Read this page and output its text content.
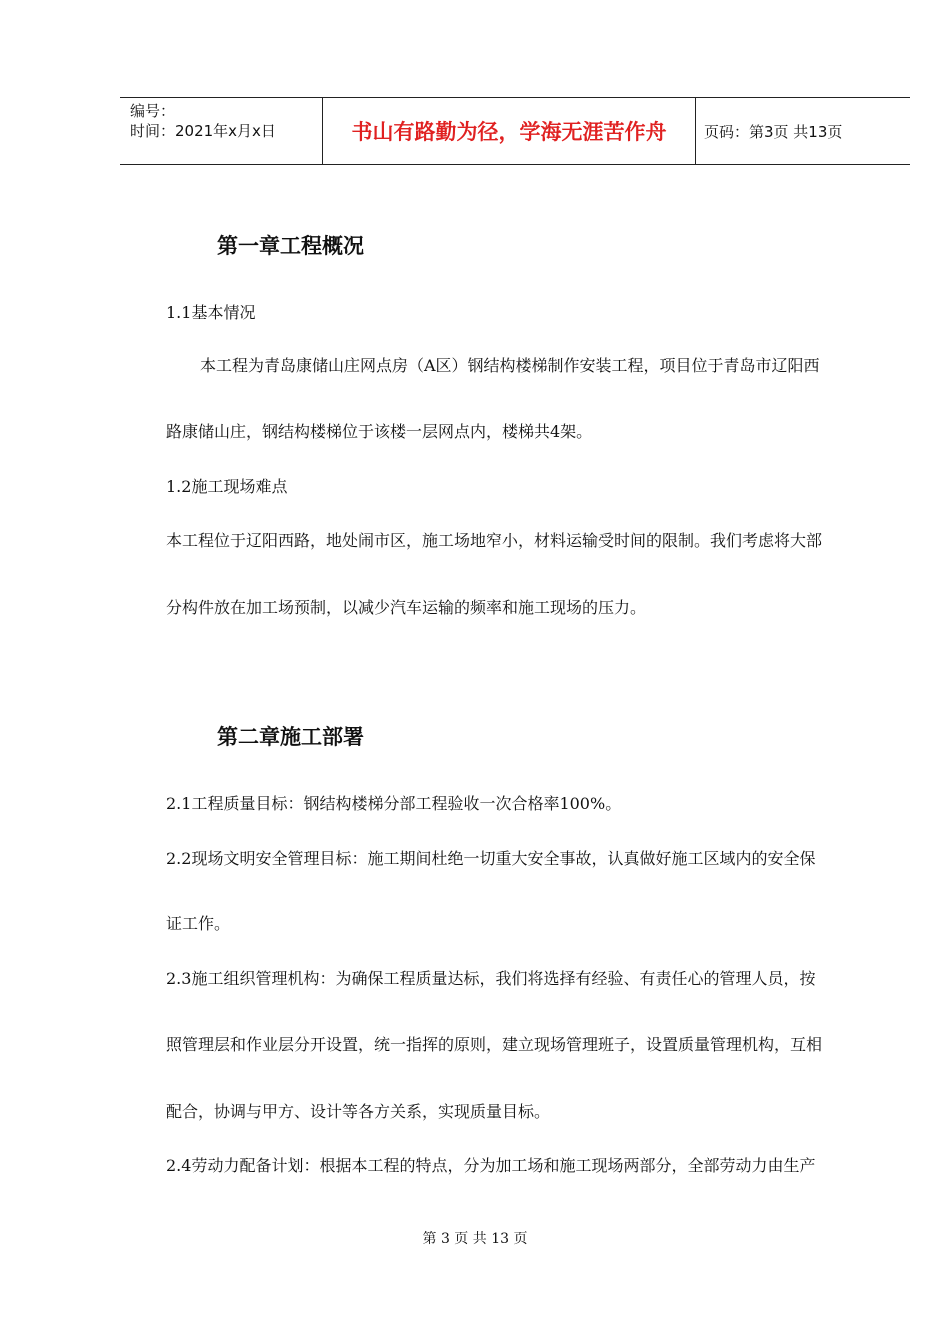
编号：
时间：2021年x月x日	书山有路勤为径，学海无涯苦作舟	页码：第3页 共13页
第一章工程概况
1.1基本情况
本工程为青岛康储山庄网点房（A区）钢结构楼梯制作安装工程，项目位于青岛市辽阳西
路康储山庄，钢结构楼梯位于该楼一层网点内，楼梯共4架。
1.2施工现场难点
本工程位于辽阳西路，地处闹市区，施工场地窄小，材料运输受时间的限制。我们考虑将大部
分构件放在加工场预制，以减少汽车运输的频率和施工现场的压力。
第二章施工部署
2.1工程质量目标：钢结构楼梯分部工程验收一次合格率100%。
2.2现场文明安全管理目标：施工期间杜绝一切重大安全事故，认真做好施工区域内的安全保
证工作。
2.3施工组织管理机构：为确保工程质量达标，我们将选择有经验、有责任心的管理人员，按
照管理层和作业层分开设置，统一指挥的原则，建立现场管理班子，设置质量管理机构，互相
配合，协调与甲方、设计等各方关系，实现质量目标。
2.4劳动力配备计划：根据本工程的特点，分为加工场和施工现场两部分，全部劳动力由生产
第 3 页 共 13 页
